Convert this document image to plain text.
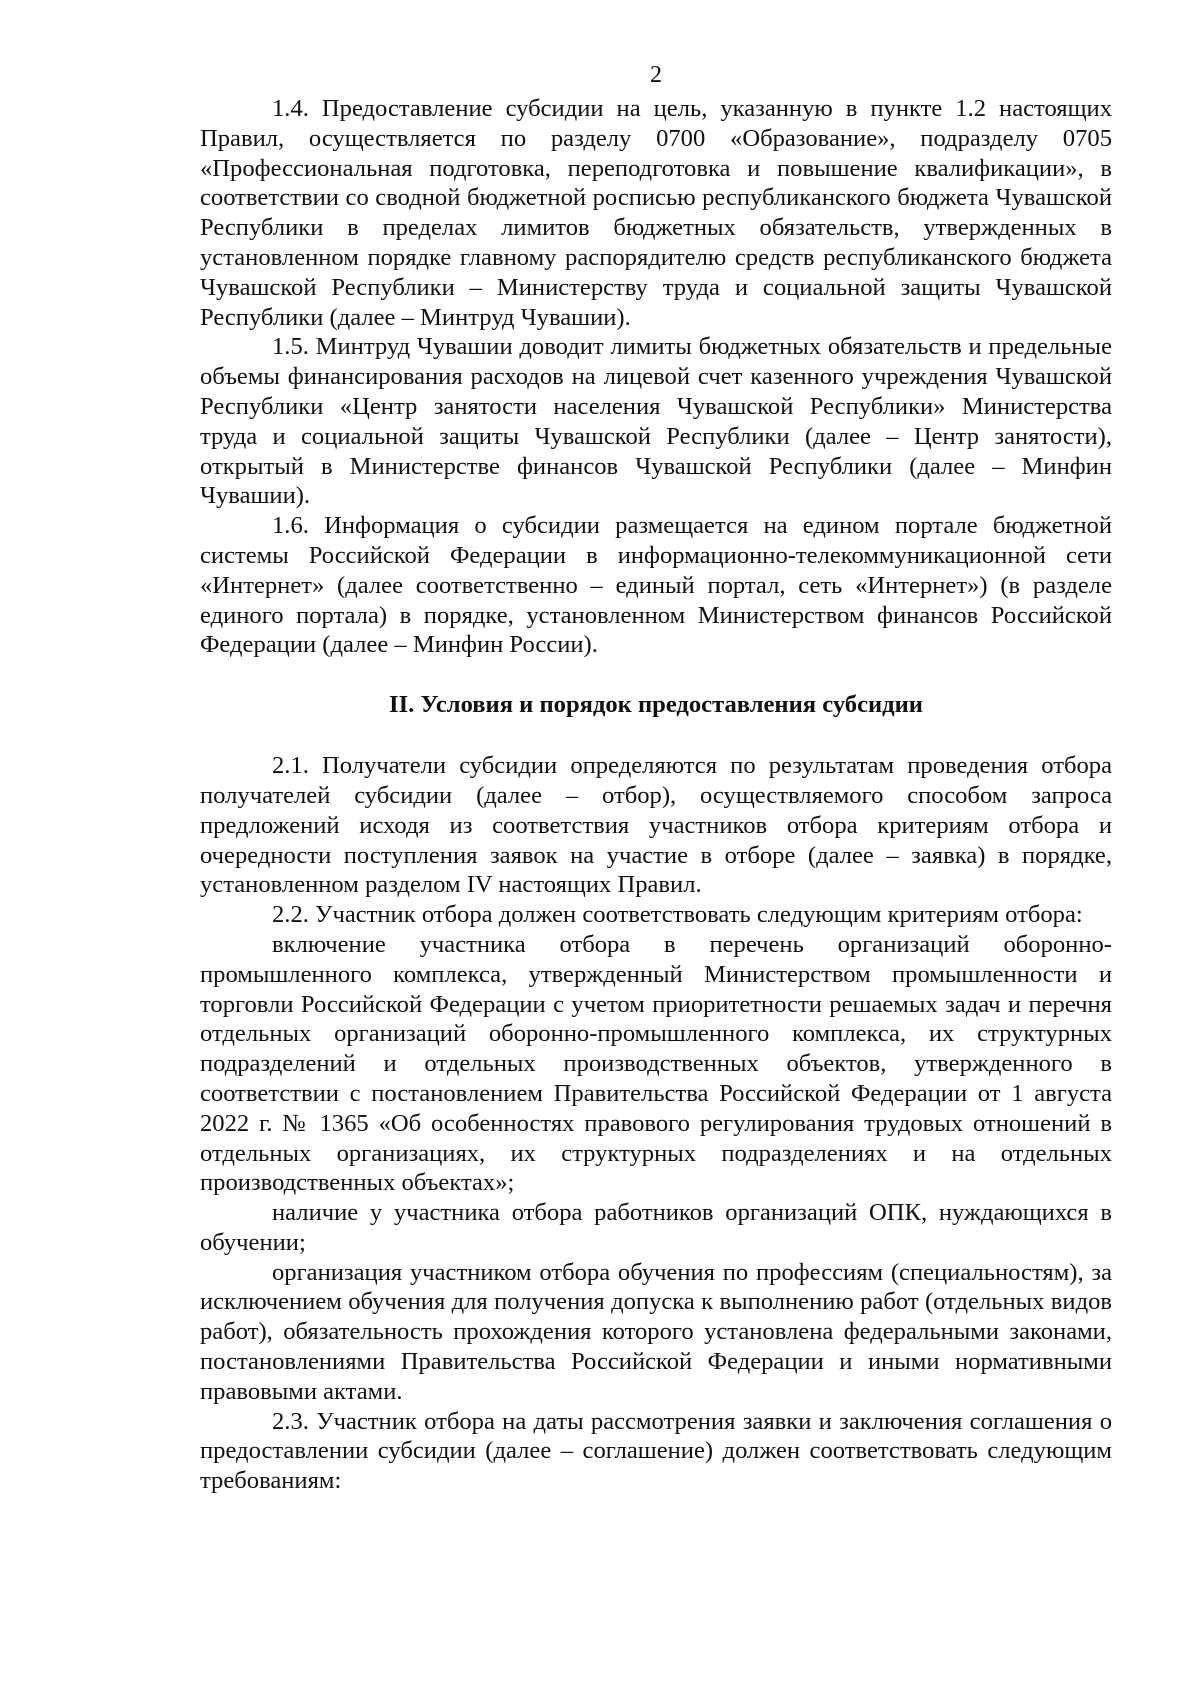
2

1.4. Предоставление субсидии на цель, указанную в пункте 1.2 настоящих Правил, осуществляется по разделу 0700 «Образование», подразделу 0705 «Профессиональная подготовка, переподготовка и повышение квалификации», в соответствии со сводной бюджетной росписью республиканского бюджета Чувашской Республики в пределах лимитов бюджетных обязательств, утвержденных в установленном порядке главному распорядителю средств республиканского бюджета Чувашской Республики – Министерству труда и социальной защиты Чувашской Республики (далее – Минтруд Чувашии).

1.5. Минтруд Чувашии доводит лимиты бюджетных обязательств и предельные объемы финансирования расходов на лицевой счет казенного учреждения Чувашской Республики «Центр занятости населения Чувашской Республики» Министерства труда и социальной защиты Чувашской Республики (далее – Центр занятости), открытый в Министерстве финансов Чувашской Республики (далее – Минфин Чувашии).

1.6. Информация о субсидии размещается на едином портале бюджетной системы Российской Федерации в информационно-телекоммуникационной сети «Интернет» (далее соответственно – единый портал, сеть «Интернет») (в разделе единого портала) в порядке, установленном Министерством финансов Российской Федерации (далее – Минфин России).

II. Условия и порядок предоставления субсидии

2.1. Получатели субсидии определяются по результатам проведения отбора получателей субсидии (далее – отбор), осуществляемого способом запроса предложений исходя из соответствия участников отбора критериям отбора и очередности поступления заявок на участие в отборе (далее – заявка) в порядке, установленном разделом IV настоящих Правил.

2.2. Участник отбора должен соответствовать следующим критериям отбора:

включение участника отбора в перечень организаций оборонно-промышленного комплекса, утвержденный Министерством промышленности и торговли Российской Федерации с учетом приоритетности решаемых задач и перечня отдельных организаций оборонно-промышленного комплекса, их структурных подразделений и отдельных производственных объектов, утвержденного в соответствии с постановлением Правительства Российской Федерации от 1 августа 2022 г. № 1365 «Об особенностях правового регулирования трудовых отношений в отдельных организациях, их структурных подразделениях и на отдельных производственных объектах»;

наличие у участника отбора работников организаций ОПК, нуждающихся в обучении;

организация участником отбора обучения по профессиям (специальностям), за исключением обучения для получения допуска к выполнению работ (отдельных видов работ), обязательность прохождения которого установлена федеральными законами, постановлениями Правительства Российской Федерации и иными нормативными правовыми актами.

2.3. Участник отбора на даты рассмотрения заявки и заключения соглашения о предоставлении субсидии (далее – соглашение) должен соответствовать следующим требованиям:
